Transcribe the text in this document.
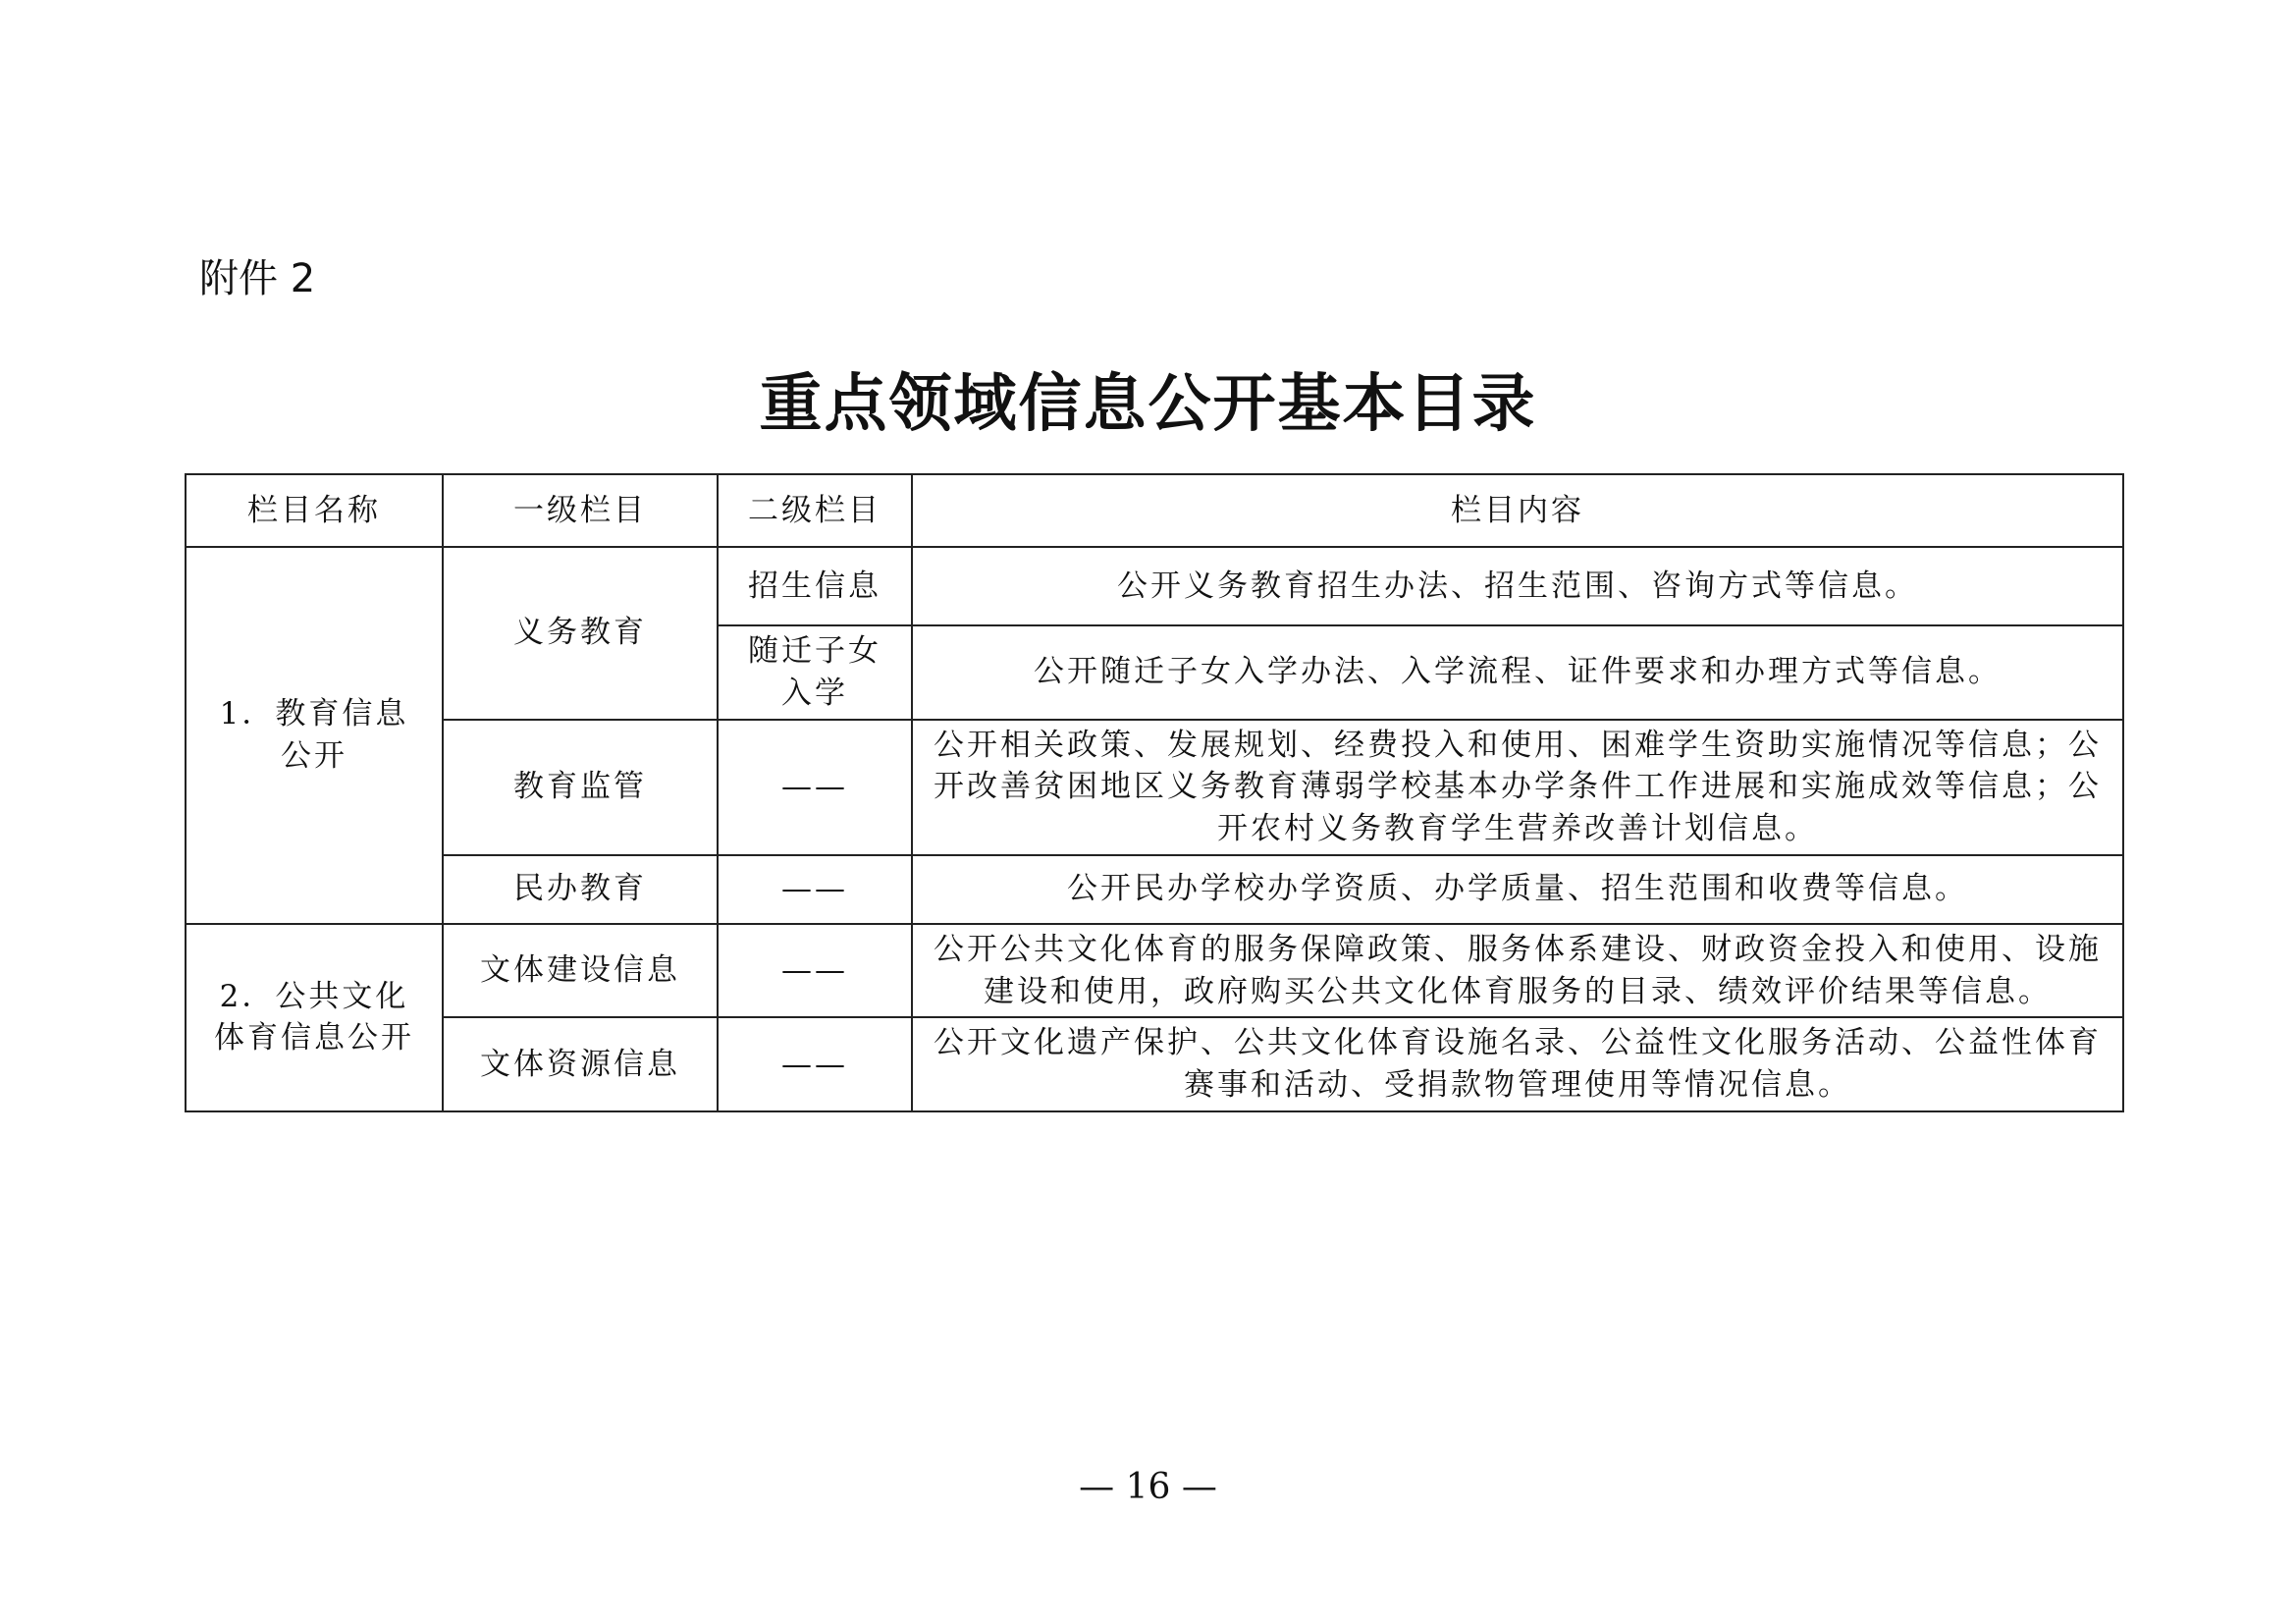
附件 2
重点领域信息公开基本目录
栏目名称	一级栏目	二级栏目	栏目内容
1．教育信息公开	义务教育	招生信息	公开义务教育招生办法、招生范围、咨询方式等信息。
		随迁子女入学	公开随迁子女入学办法、入学流程、证件要求和办理方式等信息。
	教育监管	——	公开相关政策、发展规划、经费投入和使用、困难学生资助实施情况等信息；公开改善贫困地区义务教育薄弱学校基本办学条件工作进展和实施成效等信息；公开农村义务教育学生营养改善计划信息。
	民办教育	——	公开民办学校办学资质、办学质量、招生范围和收费等信息。
2．公共文化体育信息公开	文体建设信息	——	公开公共文化体育的服务保障政策、服务体系建设、财政资金投入和使用、设施建设和使用，政府购买公共文化体育服务的目录、绩效评价结果等信息。
	文体资源信息	——	公开文化遗产保护、公共文化体育设施名录、公益性文化服务活动、公益性体育赛事和活动、受捐款物管理使用等情况信息。
— 16 —
